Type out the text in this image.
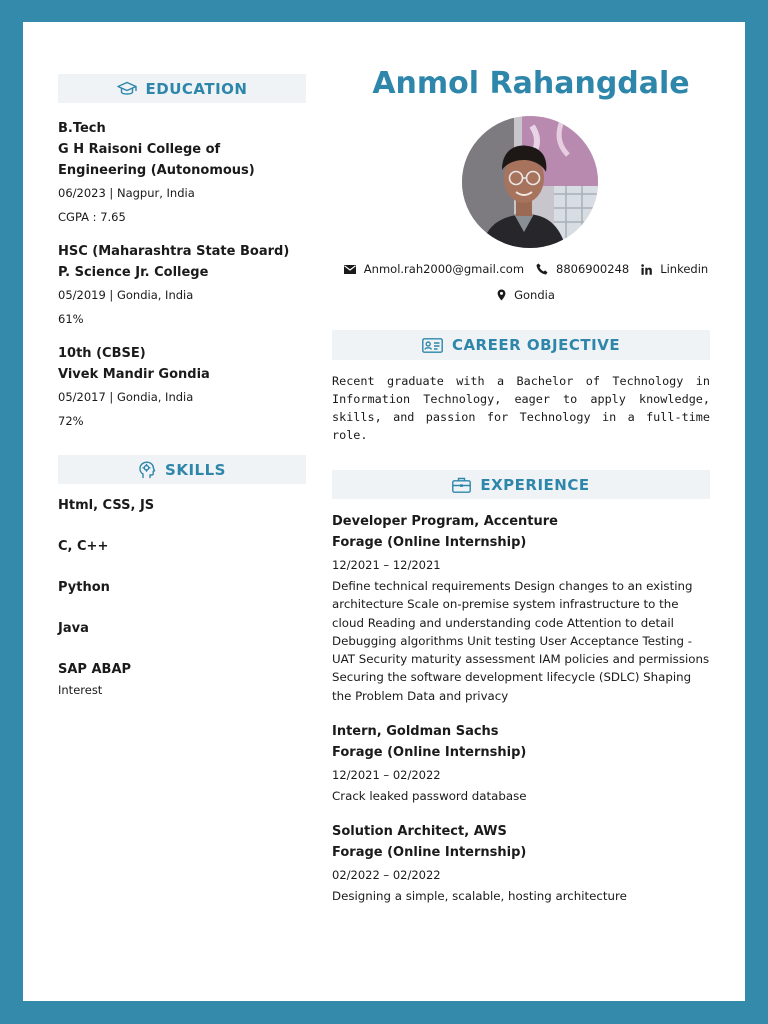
EDUCATION
B.Tech
G H Raisoni College of Engineering (Autonomous)
06/2023 | Nagpur, India
CGPA : 7.65
HSC (Maharashtra State Board)
P. Science Jr. College
05/2019 | Gondia, India
61%
10th (CBSE)
Vivek Mandir Gondia
05/2017 | Gondia, India
72%
SKILLS
Html, CSS, JS
C, C++
Python
Java
SAP ABAP
Interest
Anmol Rahangdale
Anmol.rah2000@gmail.com	8806900248	Linkedin
Gondia
CAREER OBJECTIVE
Recent graduate with a Bachelor of Technology in Information Technology, eager to apply knowledge, skills, and passion for Technology in a full-time role.
EXPERIENCE
Developer Program, Accenture
Forage (Online Internship)
12/2021 – 12/2021
Define technical requirements Design changes to an existing architecture Scale on-premise system infrastructure to the cloud Reading and understanding code Attention to detail Debugging algorithms Unit testing User Acceptance Testing - UAT Security maturity assessment IAM policies and permissions Securing the software development lifecycle (SDLC) Shaping the Problem Data and privacy
Intern, Goldman Sachs
Forage (Online Internship)
12/2021 – 02/2022
Crack leaked password database
Solution Architect, AWS
Forage (Online Internship)
02/2022 – 02/2022
Designing a simple, scalable, hosting architecture
